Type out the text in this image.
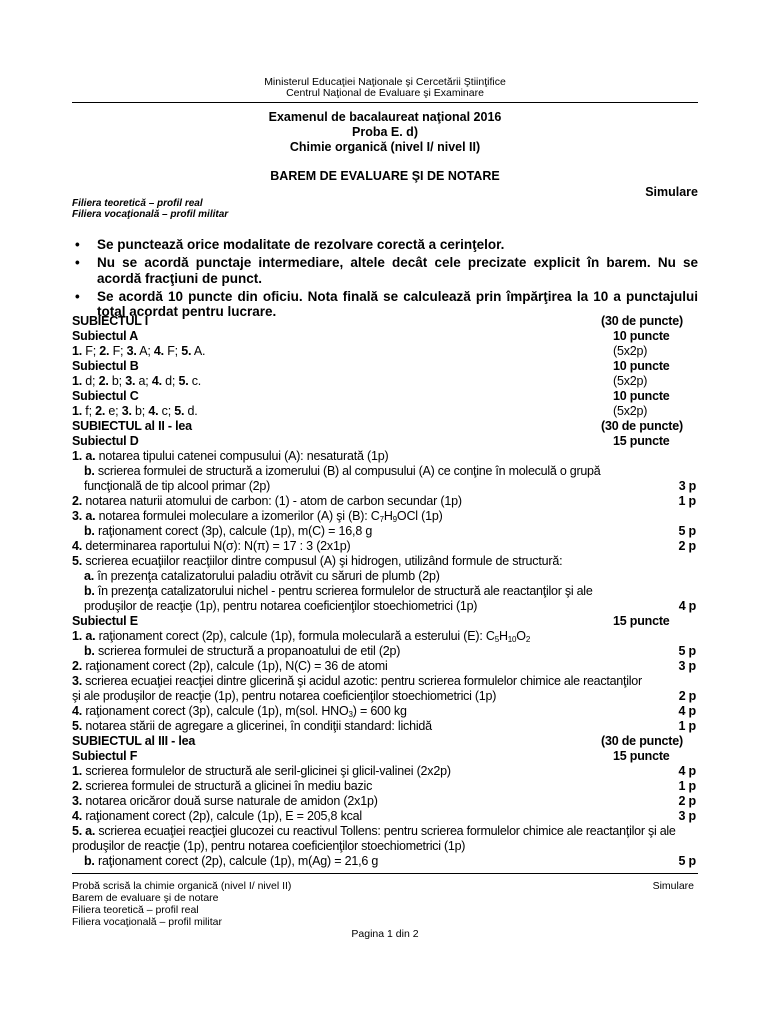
Ministerul Educaţiei Naţionale şi Cercetării Ştiinţifice
Centrul Naţional de Evaluare şi Examinare
Examenul de bacalaureat naţional 2016
Proba E. d)
Chimie organică (nivel I/ nivel II)
BAREM DE EVALUARE ŞI DE NOTARE
Simulare
Filiera teoretică – profil real
Filiera vocaţională – profil militar
• Se punctează orice modalitate de rezolvare corectă a cerinţelor.
• Nu se acordă punctaje intermediare, altele decât cele precizate explicit în barem. Nu se acordă fracţiuni de punct.
• Se acordă 10 puncte din oficiu. Nota finală se calculează prin împărţirea la 10 a punctajului total acordat pentru lucrare.
SUBIECTUL I	(30 de puncte)
Subiectul A	10 puncte
1. F; 2. F; 3. A; 4. F; 5. A.	(5x2p)
Subiectul B	10 puncte
1. d; 2. b; 3. a; 4. d; 5. c.	(5x2p)
Subiectul C	10 puncte
1. f; 2. e; 3. b; 4. c; 5. d.	(5x2p)
SUBIECTUL al II - lea	(30 de puncte)
Subiectul D	15 puncte
1. a. notarea tipului catenei compusului (A): nesaturată (1p)
b. scrierea formulei de structură a izomerului (B) al compusului (A) ce conţine în moleculă o grupă funcţională de tip alcool primar (2p)	3 p
2. notarea naturii atomului de carbon: (1) - atom de carbon secundar (1p)	1 p
3. a. notarea formulei moleculare a izomerilor (A) şi (B): $C_7H_9OCl$ (1p)
b. raţionament corect (3p), calcule (1p), m(C) = 16,8 g	5 p
4. determinarea raportului N(σ): N(π) = 17 : 3 (2x1p)	2 p
5. scrierea ecuaţiilor reacţiilor dintre compusul (A) şi hidrogen, utilizând formule de structură:
a. în prezenţa catalizatorului paladiu otrăvit cu săruri de plumb (2p)
b. în prezenţa catalizatorului nichel - pentru scrierea formulelor de structură ale reactanţilor şi ale produşilor de reacţie (1p), pentru notarea coeficienţilor stoechiometrici (1p)	4 p
Subiectul E	15 puncte
1. a. raţionament corect (2p), calcule (1p), formula moleculară a esterului (E): $C_5H_{10}O_2$
b. scrierea formulei de structură a propanoatului de etil (2p)	5 p
2. raţionament corect (2p), calcule (1p), N(C) = 36 de atomi	3 p
3. scrierea ecuaţiei reacţiei dintre glicerină şi acidul azotic: pentru scrierea formulelor chimice ale reactanţilor şi ale produşilor de reacţie (1p), pentru notarea coeficienţilor stoechiometrici (1p)	2 p
4. raţionament corect (3p), calcule (1p), m(sol. $HNO_3) = 600$ kg	4 p
5. notarea stării de agregare a glicerinei, în condiţii standard: lichidă	1 p
SUBIECTUL al III - lea	(30 de puncte)
Subiectul F	15 puncte
1. scrierea formulelor de structură ale seril-glicinei şi glicil-valinei (2x2p)	4 p
2. scrierea formulei de structură a glicinei în mediu bazic	1 p
3. notarea oricăror două surse naturale de amidon (2x1p)	2 p
4. raţionament corect (2p), calcule (1p), E = 205,8 kcal	3 p
5. a. scrierea ecuaţiei reacţiei glucozei cu reactivul Tollens: pentru scrierea formulelor chimice ale reactanţilor şi ale produşilor de reacţie (1p), pentru notarea coeficienţilor stoechiometrici (1p)
b. raţionament corect (2p), calcule (1p), m(Ag) = 21,6 g	5 p
Probă scrisă la chimie organică (nivel I/ nivel II)	Simulare
Barem de evaluare şi de notare
Filiera teoretică – profil real
Filiera vocaţională – profil militar
Pagina 1 din 2
